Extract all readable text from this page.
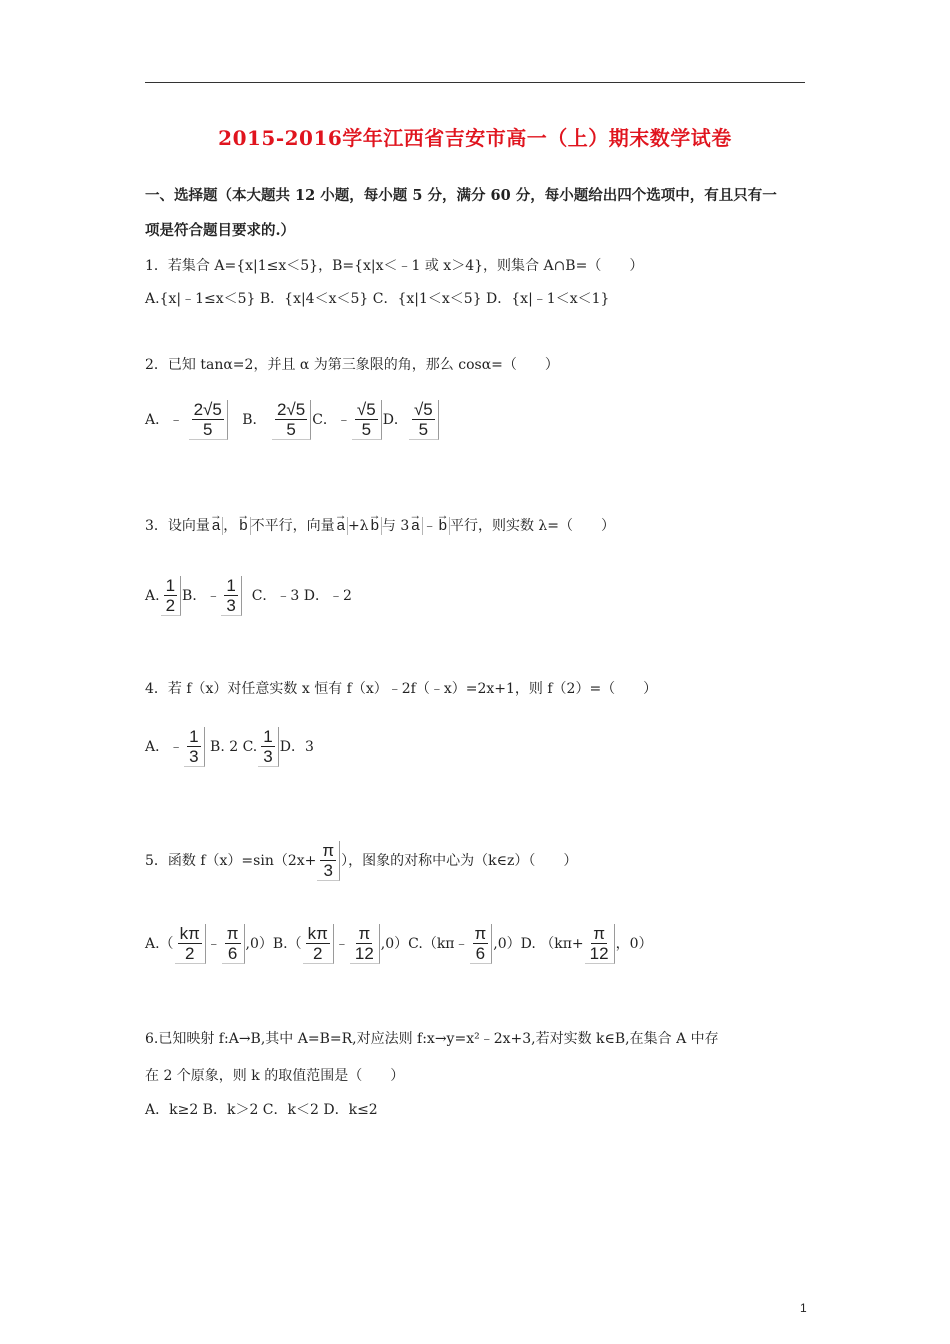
2015-2016学年江西省吉安市高一（上）期末数学试卷
一、选择题（本大题共 12 小题，每小题 5 分，满分 60 分，每小题给出四个选项中，有且只有一
项是符合题目要求的.）
1．若集合 A={x|1≤x＜5}，B={x|x＜﹣1 或 x＞4}，则集合 A∩B=（　　）
A.{x|﹣1≤x＜5} B．{x|4＜x＜5} C．{x|1＜x＜5} D．{x|﹣1＜x＜1}
2．已知 tanα=2，并且 α 为第三象限的角，那么 cosα=（　　）
A．﹣ $\frac{2√5}{5}$ B． $\frac{2√5}{5}$ C．﹣ $\frac{√5}{5}$ D． $\frac{√5}{5}$
3．设向量 → a ， → b 不平行，向量 → a +λ → b 与 3 → a ﹣ → b 平行，则实数 λ=（　　）
A. $\frac{1}{2}$ B．﹣ $\frac{1}{3}$ C．﹣3 D．﹣2
4．若 f（x）对任意实数 x 恒有 f（x）﹣2f（﹣x）=2x+1，则 f（2）=（　　）
A．﹣ $\frac{1}{3} B$. 2 C. $\frac{1}{3}$ D．3
5．函数 $f(x)=\sin(2x+ \frac{\pi}{3}$ ），图象的对称中心为（k∈z）（　　）
$A.( \frac{k\pi}{2}$ ﹣ $\frac{\pi}{6} ,0)B.( \frac{k\pi}{2}$ ﹣ $\frac{\pi}{12}$ ,0）C.（kπ﹣ $\frac{\pi}{6} ,0)D$. （$k\pi+ \frac{\pi}{12}$ ，0）
6.已知映射 f:A→B,其中 A=B=R,对应法则 f:x→y=x²﹣2x+3,若对实数 k∈B,在集合 A 中存
在 2 个原象，则 k 的取值范围是（　　）
A．k≥2 B．k＞2 C．k＜2 D．k≤2
1
